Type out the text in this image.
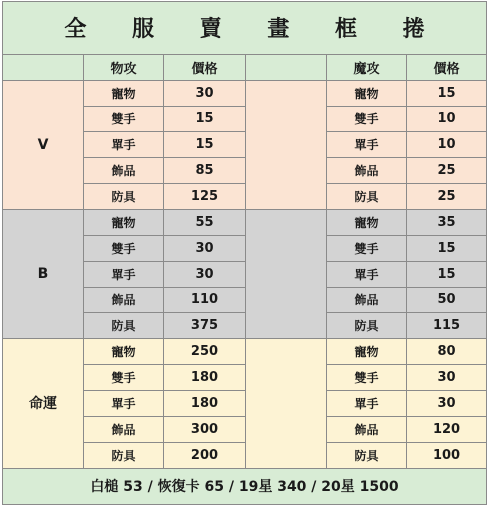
全 服 賣 畫 框 捲					
	物攻	價格		魔攻	價格
V	寵物	30		寵物	15
	雙手	15		雙手	10
	單手	15		單手	10
	飾品	85		飾品	25
	防具	125		防具	25
B	寵物	55		寵物	35
	雙手	30		雙手	15
	單手	30		單手	15
	飾品	110		飾品	50
	防具	375		防具	115
命運	寵物	250		寵物	80
	雙手	180		雙手	30
	單手	180		單手	30
	飾品	300		飾品	120
	防具	200		防具	100
白槌 53 / 恢復卡 65 / 19星 340 / 20星 1500					
